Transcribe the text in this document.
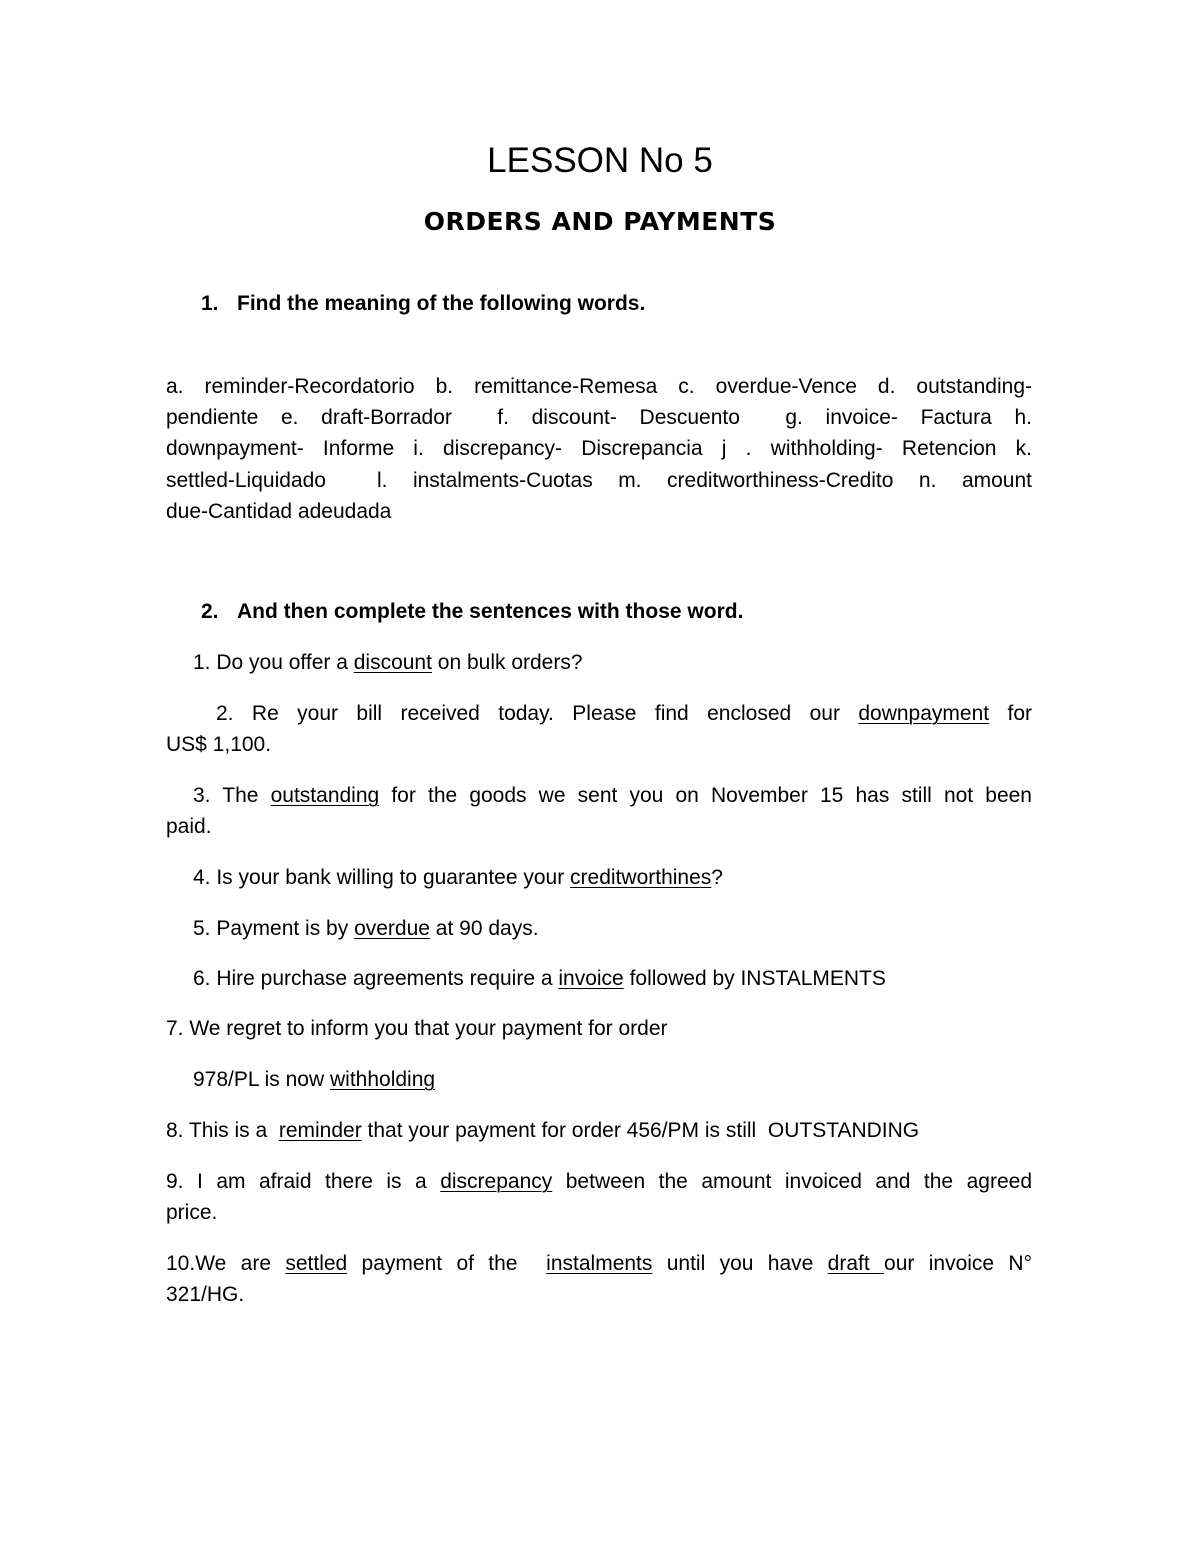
LESSON No 5
ORDERS AND PAYMENTS
1. Find the meaning of the following words.
a. reminder-Recordatorio b. remittance-Remesa c. overdue-Vence d. outstanding-
pendiente e. draft-Borrador  f. discount- Descuento  g. invoice- Factura h.
downpayment- Informe i. discrepancy- Discrepancia j . withholding- Retencion k.
settled-Liquidado  l. instalments-Cuotas m. creditworthiness-Credito n. amount
due-Cantidad adeudada
2. And then complete the sentences with those word.
1. Do you offer a discount on bulk orders?
2. Re your bill received today. Please find enclosed our downpayment for
US$ 1,100.
3. The outstanding for the goods we sent you on November 15 has still not been
paid.
4. Is your bank willing to guarantee your creditworthines?
5. Payment is by overdue at 90 days.
6. Hire purchase agreements require a invoice followed by INSTALMENTS
7. We regret to inform you that your payment for order
978/PL is now withholding
8. This is a  reminder that your payment for order 456/PM is still  OUTSTANDING
9. I am afraid there is a discrepancy between the amount invoiced and the agreed
price.
10.We are settled payment of the  instalments until you have draft our invoice N°
321/HG.
